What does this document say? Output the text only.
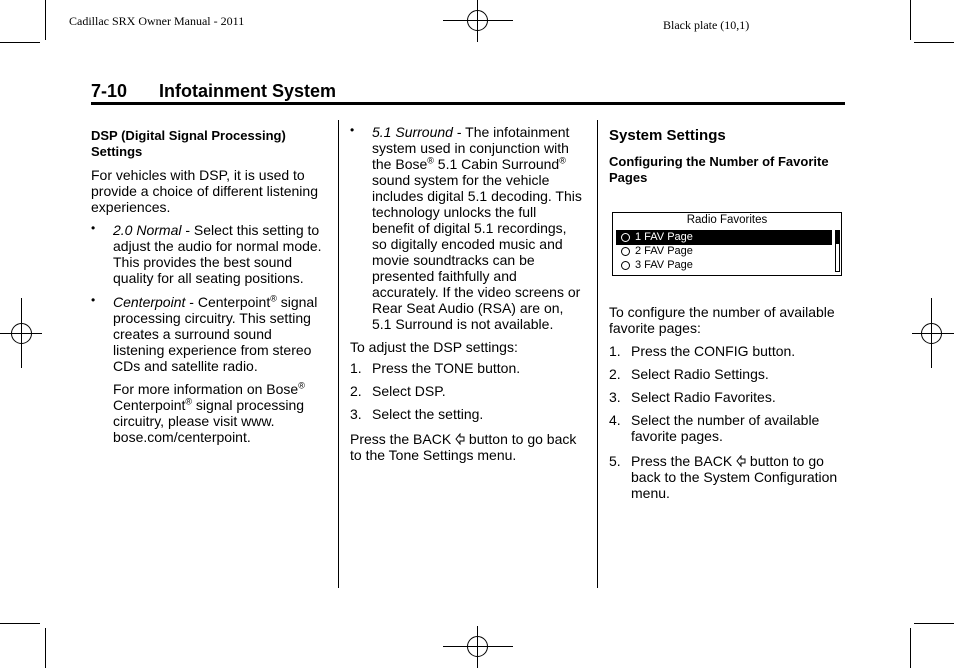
Cadillac SRX Owner Manual - 2011	Black plate (10,1)
7-10 Infotainment System

DSP (Digital Signal Processing) Settings

For vehicles with DSP, it is used to provide a choice of different listening experiences.

• 2.0 Normal - Select this setting to adjust the audio for normal mode. This provides the best sound quality for all seating positions.
• Centerpoint - Centerpoint® signal processing circuitry. This setting creates a surround sound listening experience from stereo CDs and satellite radio.
For more information on Bose® Centerpoint® signal processing circuitry, please visit www. bose.com/centerpoint.
• 5.1 Surround - The infotainment system used in conjunction with the Bose® 5.1 Cabin Surround® sound system for the vehicle includes digital 5.1 decoding. This technology unlocks the full benefit of digital 5.1 recordings, so digitally encoded music and movie soundtracks can be presented faithfully and accurately. If the video screens or Rear Seat Audio (RSA) are on, 5.1 Surround is not available.

To adjust the DSP settings:

1. Press the TONE button.
2. Select DSP.
3. Select the setting.

Press the BACK  button to go back to the Tone Settings menu.

System Settings

Configuring the Number of Favorite Pages

Radio Favorites
1 FAV Page
2 FAV Page
3 FAV Page

To configure the number of available favorite pages:

1. Press the CONFIG button.
2. Select Radio Settings.
3. Select Radio Favorites.
4. Select the number of available favorite pages.
5. Press the BACK  button to go back to the System Configuration menu.
